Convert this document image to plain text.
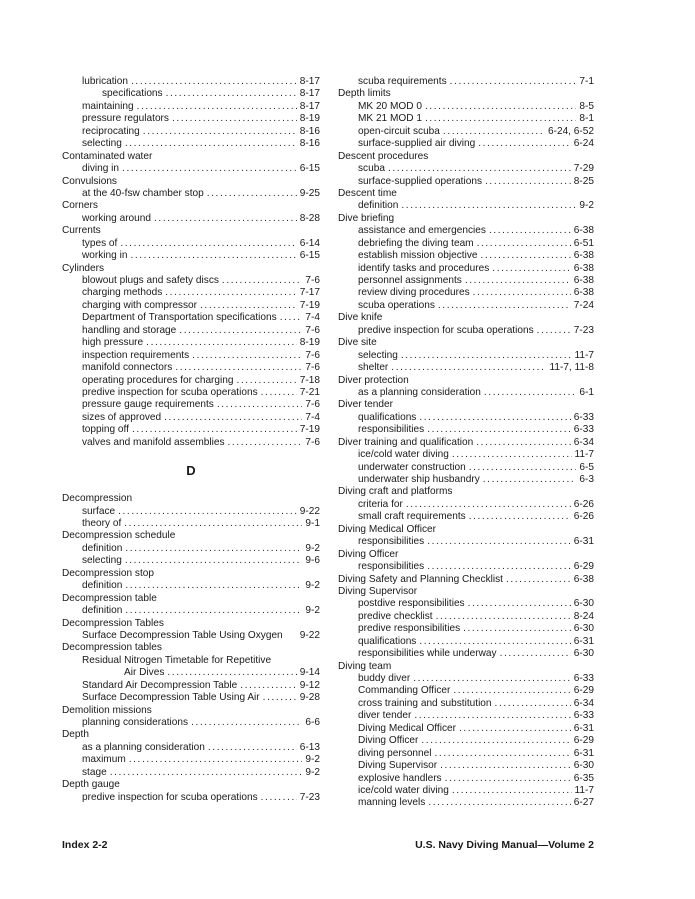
lubrication .....	8-17
specifications .....	8-17
maintaining .....	8-17
pressure regulators .....	8-19
reciprocating .....	8-16
selecting .....	8-16
Contaminated water
diving in .....	6-15
Convulsions
at the 40-fsw chamber stop .....	9-25
Corners
working around .....	8-28
Currents
types of .....	6-14
working in .....	6-15
Cylinders
blowout plugs and safety discs .....	7-6
charging methods .....	7-17
charging with compressor .....	7-19
Department of Transportation specifications .....	7-4
handling and storage .....	7-6
high pressure .....	8-19
inspection requirements .....	7-6
manifold connectors .....	7-6
operating procedures for charging .....	7-18
predive inspection for scuba operations .....	7-21
pressure gauge requirements .....	7-6
sizes of approved .....	7-4
topping off .....	7-19
valves and manifold assemblies .....	7-6
D
Decompression
surface .....	9-22
theory of .....	9-1
Decompression schedule
definition .....	9-2
selecting .....	9-6
Decompression stop
definition .....	9-2
Decompression table
definition .....	9-2
Decompression Tables
Surface Decompression Table Using Oxygen 9-22
Decompression tables
Residual Nitrogen Timetable for Repetitive
Air Dives .....	9-14
Standard Air Decompression Table .....	9-12
Surface Decompression Table Using Air .....	9-28
Demolition missions
planning considerations .....	6-6
Depth
as a planning consideration .....	6-13
maximum .....	9-2
stage .....	9-2
Depth gauge
predive inspection for scuba operations .....	7-23
scuba requirements .....	7-1
Depth limits
MK 20 MOD 0 .....	8-5
MK 21 MOD 1 .....	8-1
open-circuit scuba .....	6-24, 6-52
surface-supplied air diving .....	6-24
Descent procedures
scuba .....	7-29
surface-supplied operations .....	8-25
Descent time
definition .....	9-2
Dive briefing
assistance and emergencies .....	6-38
debriefing the diving team .....	6-51
establish mission objective .....	6-38
identify tasks and procedures .....	6-38
personnel assignments .....	6-38
review diving procedures .....	6-38
scuba operations .....	7-24
Dive knife
predive inspection for scuba operations .....	7-23
Dive site
selecting .....	11-7
shelter .....	11-7, 11-8
Diver protection
as a planning consideration .....	6-1
Diver tender
qualifications .....	6-33
responsibilities .....	6-33
Diver training and qualification .....	6-34
ice/cold water diving .....	11-7
underwater construction .....	6-5
underwater ship husbandry .....	6-3
Diving craft and platforms
criteria for .....	6-26
small craft requirements .....	6-26
Diving Medical Officer
responsibilities .....	6-31
Diving Officer
responsibilities .....	6-29
Diving Safety and Planning Checklist .....	6-38
Diving Supervisor
postdive responsibilities .....	6-30
predive checklist .....	8-24
predive responsibilities .....	6-30
qualifications .....	6-31
responsibilities while underway .....	6-30
Diving team
buddy diver .....	6-33
Commanding Officer .....	6-29
cross training and substitution .....	6-34
diver tender .....	6-33
Diving Medical Officer .....	6-31
Diving Officer .....	6-29
diving personnel .....	6-31
Diving Supervisor .....	6-30
explosive handlers .....	6-35
ice/cold water diving .....	11-7
manning levels .....	6-27
Index 2-2	U.S. Navy Diving Manual—Volume 2
